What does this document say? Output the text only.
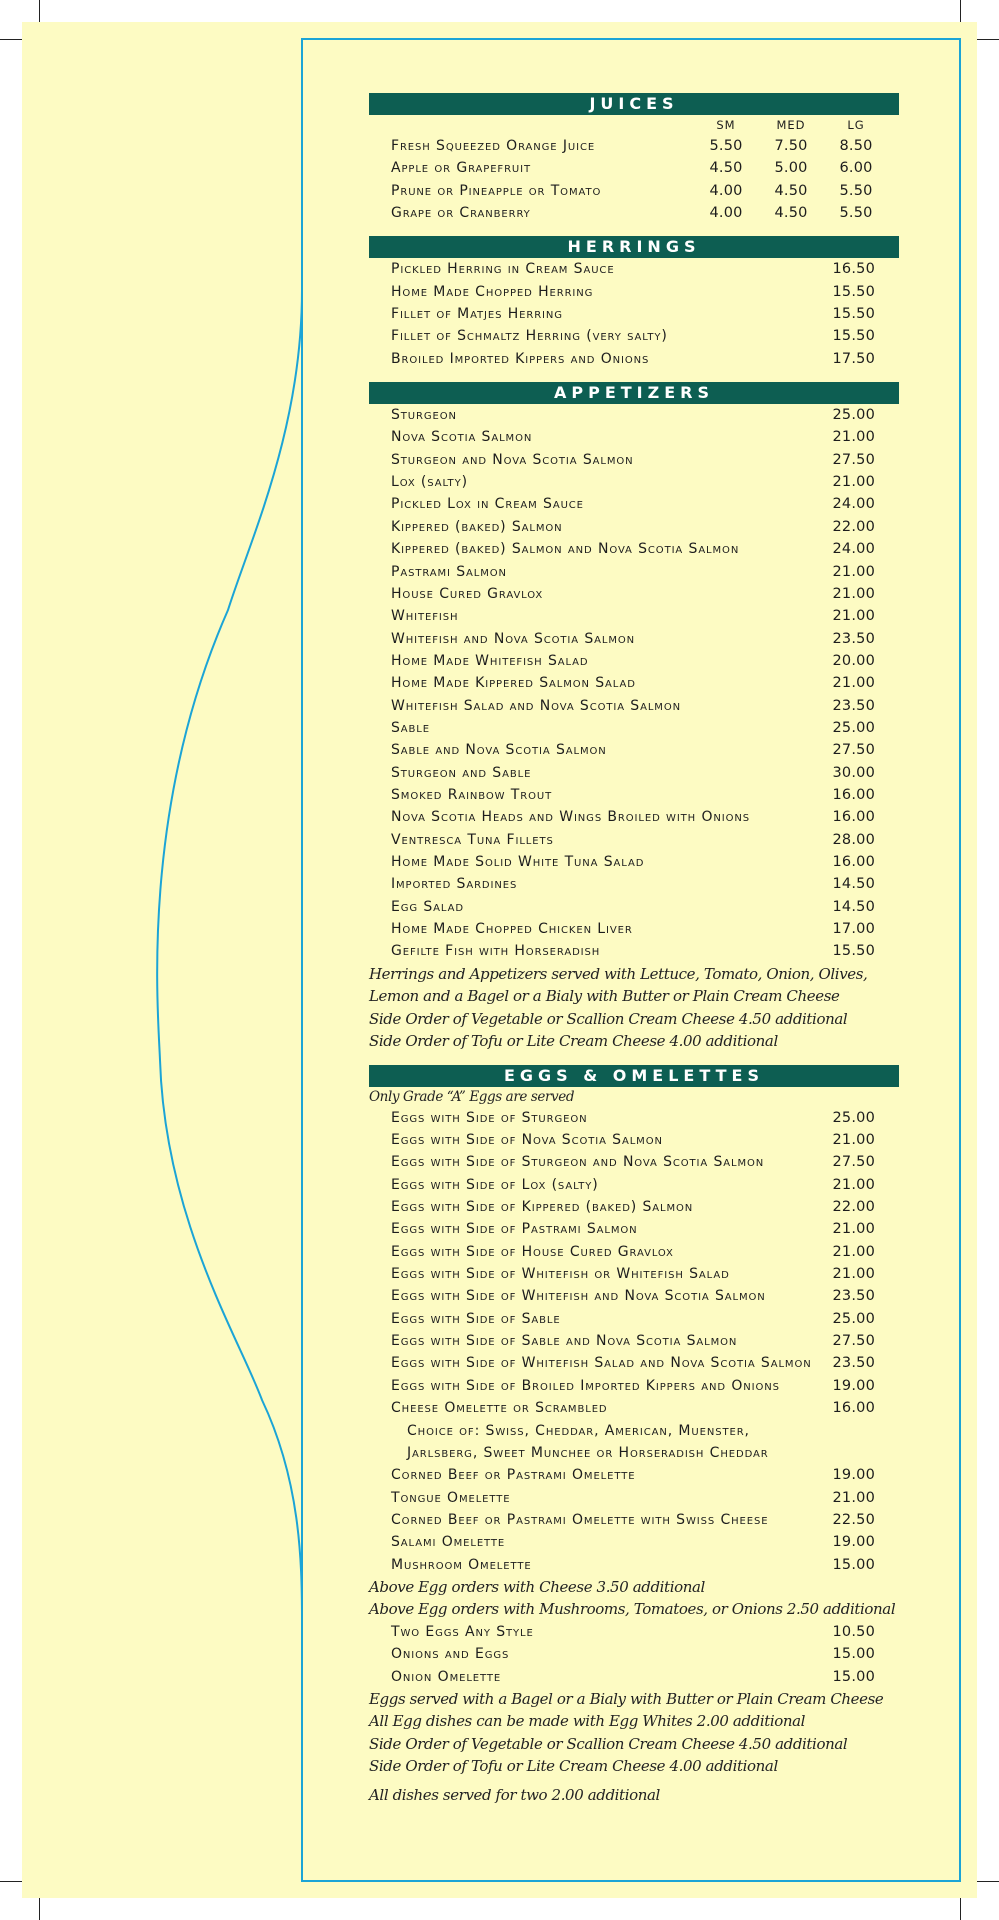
JUICES
SM	MED	LG
Fresh Squeezed Orange Juice	5.50	7.50	8.50
Apple or Grapefruit	4.50	5.00	6.00
Prune or Pineapple or Tomato	4.00	4.50	5.50
Grape or Cranberry	4.00	4.50	5.50
HERRINGS
Pickled Herring in Cream Sauce	16.50
Home Made Chopped Herring	15.50
Fillet of Matjes Herring	15.50
Fillet of Schmaltz Herring (very salty)	15.50
Broiled Imported Kippers and Onions	17.50
APPETIZERS
Sturgeon	25.00
Nova Scotia Salmon	21.00
Sturgeon and Nova Scotia Salmon	27.50
Lox (salty)	21.00
Pickled Lox in Cream Sauce	24.00
Kippered (baked) Salmon	22.00
Kippered (baked) Salmon and Nova Scotia Salmon	24.00
Pastrami Salmon	21.00
House Cured Gravlox	21.00
Whitefish	21.00
Whitefish and Nova Scotia Salmon	23.50
Home Made Whitefish Salad	20.00
Home Made Kippered Salmon Salad	21.00
Whitefish Salad and Nova Scotia Salmon	23.50
Sable	25.00
Sable and Nova Scotia Salmon	27.50
Sturgeon and Sable	30.00
Smoked Rainbow Trout	16.00
Nova Scotia Heads and Wings Broiled with Onions	16.00
Ventresca Tuna Fillets	28.00
Home Made Solid White Tuna Salad	16.00
Imported Sardines	14.50
Egg Salad	14.50
Home Made Chopped Chicken Liver	17.00
Gefilte Fish with Horseradish	15.50
Herrings and Appetizers served with Lettuce, Tomato, Onion, Olives,
Lemon and a Bagel or a Bialy with Butter or Plain Cream Cheese
Side Order of Vegetable or Scallion Cream Cheese 4.50 additional
Side Order of Tofu or Lite Cream Cheese 4.00 additional
EGGS & OMELETTES
Only Grade “A” Eggs are served
Eggs with Side of Sturgeon	25.00
Eggs with Side of Nova Scotia Salmon	21.00
Eggs with Side of Sturgeon and Nova Scotia Salmon	27.50
Eggs with Side of Lox (salty)	21.00
Eggs with Side of Kippered (baked) Salmon	22.00
Eggs with Side of Pastrami Salmon	21.00
Eggs with Side of House Cured Gravlox	21.00
Eggs with Side of Whitefish or Whitefish Salad	21.00
Eggs with Side of Whitefish and Nova Scotia Salmon	23.50
Eggs with Side of Sable	25.00
Eggs with Side of Sable and Nova Scotia Salmon	27.50
Eggs with Side of Whitefish Salad and Nova Scotia Salmon 23.50
Eggs with Side of Broiled Imported Kippers and Onions	19.00
Cheese Omelette or Scrambled	16.00
Choice of: Swiss, Cheddar, American, Muenster,
Jarlsberg, Sweet Munchee or Horseradish Cheddar
Corned Beef or Pastrami Omelette	19.00
Tongue Omelette	21.00
Corned Beef or Pastrami Omelette with Swiss Cheese	22.50
Salami Omelette	19.00
Mushroom Omelette	15.00
Above Egg orders with Cheese 3.50 additional
Above Egg orders with Mushrooms, Tomatoes, or Onions 2.50 additional
Two Eggs Any Style	10.50
Onions and Eggs	15.00
Onion Omelette	15.00
Eggs served with a Bagel or a Bialy with Butter or Plain Cream Cheese
All Egg dishes can be made with Egg Whites 2.00 additional
Side Order of Vegetable or Scallion Cream Cheese 4.50 additional
Side Order of Tofu or Lite Cream Cheese 4.00 additional
All dishes served for two 2.00 additional
